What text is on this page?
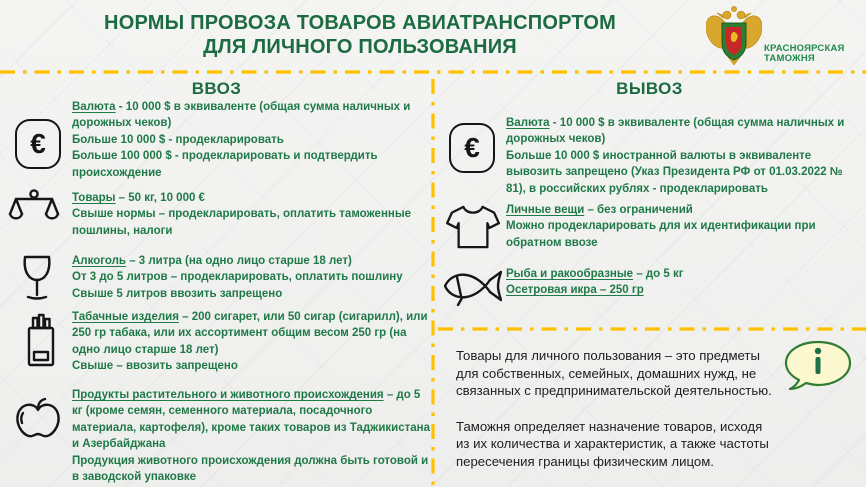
НОРМЫ ПРОВОЗА ТОВАРОВ АВИАТРАНСПОРТОМ
ДЛЯ ЛИЧНОГО ПОЛЬЗОВАНИЯ	КРАСНОЯРСКАЯ
ТАМОЖНЯ
ВВОЗ	ВЫВОЗ
€
Валюта - 10 000 $ в эквиваленте (общая сумма наличных и дорожных чеков)
Больше 10 000 $ - продекларировать
Больше 100 000 $ - продекларировать и подтвердить происхождение
Товары – 50 кг, 10 000 €
Свыше нормы – продекларировать, оплатить таможенные пошлины, налоги
Алкоголь – 3 литра (на одно лицо старше 18 лет)
От 3 до 5 литров – продекларировать, оплатить пошлину
Свыше 5 литров ввозить запрещено
Табачные изделия – 200 сигарет, или 50 сигар (сигарилл), или 250 гр табака, или их ассортимент общим весом 250 гр (на одно лицо старше 18 лет)
Свыше – ввозить запрещено
Продукты растительного и животного происхождения – до 5 кг (кроме семян, семенного материала, посадочного материала, картофеля), кроме таких товаров из Таджикистана и Азербайджана
Продукция животного происхождения должна быть готовой и в заводской упаковке
€
Валюта - 10 000 $ в эквиваленте (общая сумма наличных и дорожных чеков)
Больше 10 000 $ иностранной валюты в эквиваленте вывозить запрещено (Указ Президента РФ от 01.03.2022 № 81), в российских рублях - продекларировать
Личные вещи – без ограничений
Можно продекларировать для их идентификации при обратном ввозе
Рыба и ракообразные – до 5 кг
Осетровая икра – 250 гр

Товары для личного пользования – это предметы для собственных, семейных, домашних нужд, не связанных с предпринимательской деятельностью.

Таможня определяет назначение товаров, исходя из их количества и характеристик, а также частоты пересечения границы физическим лицом.
